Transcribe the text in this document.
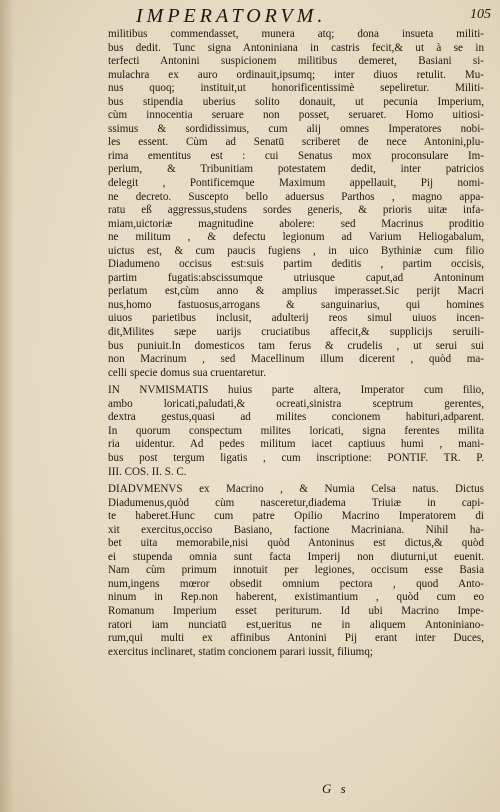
IMPERATORVM.	105
militibus commendasset, munera atq; dona insueta militi-
bus dedit. Tunc signa Antoniniana in castris fecit,& ut à se in
terfecti Antonini suspicionem militibus demeret, Basiani si-
mulachra ex auro ordinauit,ipsumq; inter diuos retulit. Mu-
nus quoq; instituit,ut honorificentissimè sepeliretur. Militi-
bus stipendia uberius solito donauit, ut pecunia Imperium,
cùm innocentia seruare non posset, seruaret. Homo uitiosi-
ssimus & sordidissimus, cum alij omnes Imperatores nobi-
les essent. Cùm ad Senatū scriberet de nece Antonini,plu-
rima ementitus est : cui Senatus mox proconsulare Im-
perium, & Tribunitiam potestatem dedit, inter patricios
delegit , Pontificemque Maximum appellauit, Pij nomi-
ne decreto. Suscepto bello aduersus Parthos , magno appa-
ratu eß aggressus,studens sordes generis, & prioris uitæ infa-
miam,uictoriæ magnitudine abolere: sed Macrinus proditio
ne militum , & defectu legionum ad Varium Heliogabalum,
uictus est, & cum paucis fugiens , in uico Bythiniæ cum filio
Diadumeno occisus est:suis partim deditis , partim occisis,
partim fugatis:abscissumque utriusque caput,ad Antoninum
perlatum est,cùm anno & amplius imperasset.Sic perijt Macri
nus,homo fastuosus,arrogans & sanguinarius, qui homines
uiuos parietibus inclusit, adulterij reos simul uiuos incen-
dit,Milites sæpe uarijs cruciatibus affecit,& supplicijs seruili-
bus puniuit.In domesticos tam ferus & crudelis , ut serui sui
non Macrinum , sed Macellinum illum dicerent , quòd ma-
celli specie domus sua cruentaretur.
IN NVMISMATIS huius parte altera, Imperator cum filio,
ambo loricati,paludati,& ocreati,sinistra sceptrum gerentes,
dextra gestus,quasi ad milites concionem habituri,adparent.
In quorum conspectum milites loricati, signa ferentes milita
ria uidentur. Ad pedes militum iacet captiuus humi , mani-
bus post tergum ligatis , cum inscriptione: PONTIF. TR. P.
III. COS. II. S. C.
DIADVMENVS ex Macrino , & Numia Celsa natus. Dictus
Diadumenus,quòd cùm nasceretur,diadema Triuiæ in capi-
te haberet.Hunc cum patre Opilio Macrino Imperatorem di
xit exercitus,occiso Basiano, factione Macriniana. Nihil ha-
bet uita memorabile,nisi quòd Antoninus est dictus,& quòd
ei stupenda omnia sunt facta Imperij non diuturni,ut euenit.
Nam cùm primum innotuit per legiones, occisum esse Basia
num,ingens mœror obsedit omnium pectora , quod Anto-
ninum in Rep.non haberent, existimantium , quòd cum eo
Romanum Imperium esset periturum. Id ubi Macrino Impe-
ratori iam nunciatū est,ueritus ne in aliquem Antoniniano-
rum,qui multi ex affinibus Antonini Pij erant inter Duces,
exercitus inclinaret, statim concionem parari iussit, filiumq;
G s
